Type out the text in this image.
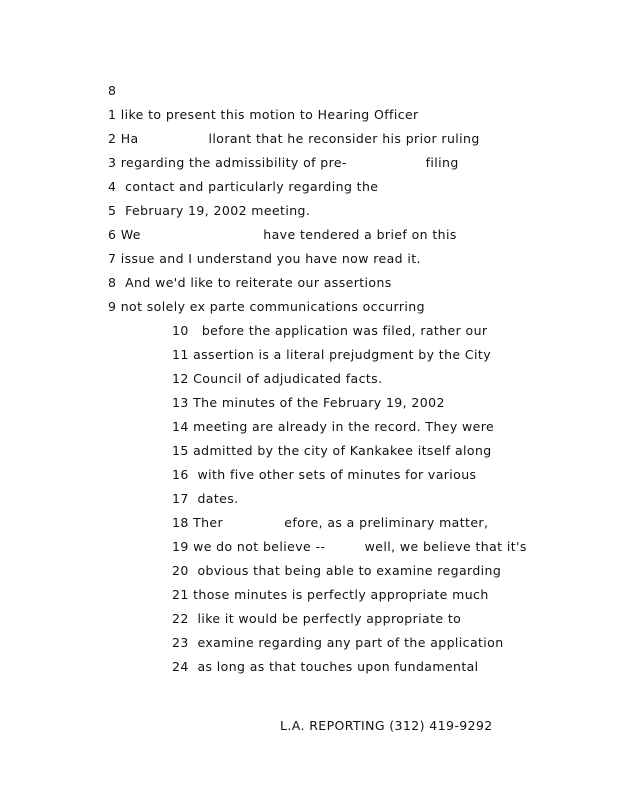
8
1 like to present this motion to Hearing Officer
2 Ha                llorant that he reconsider his prior ruling
3 regarding the admissibility of pre-                  filing
4  contact and particularly regarding the
5  February 19, 2002 meeting.
6 We                            have tendered a brief on this
7 issue and I understand you have now read it.
8  And we'd like to reiterate our assertions
9 not solely ex parte communications occurring
10   before the application was filed, rather our
11 assertion is a literal prejudgment by the City
12 Council of adjudicated facts.
13 The minutes of the February 19, 2002
14 meeting are already in the record. They were
15 admitted by the city of Kankakee itself along
16  with five other sets of minutes for various
17  dates.
18 Ther              efore, as a preliminary matter,
19 we do not believe --         well, we believe that it's
20  obvious that being able to examine regarding
21 those minutes is perfectly appropriate much
22  like it would be perfectly appropriate to
23  examine regarding any part of the application
24  as long as that touches upon fundamental
L.A. REPORTING (312) 419-9292
